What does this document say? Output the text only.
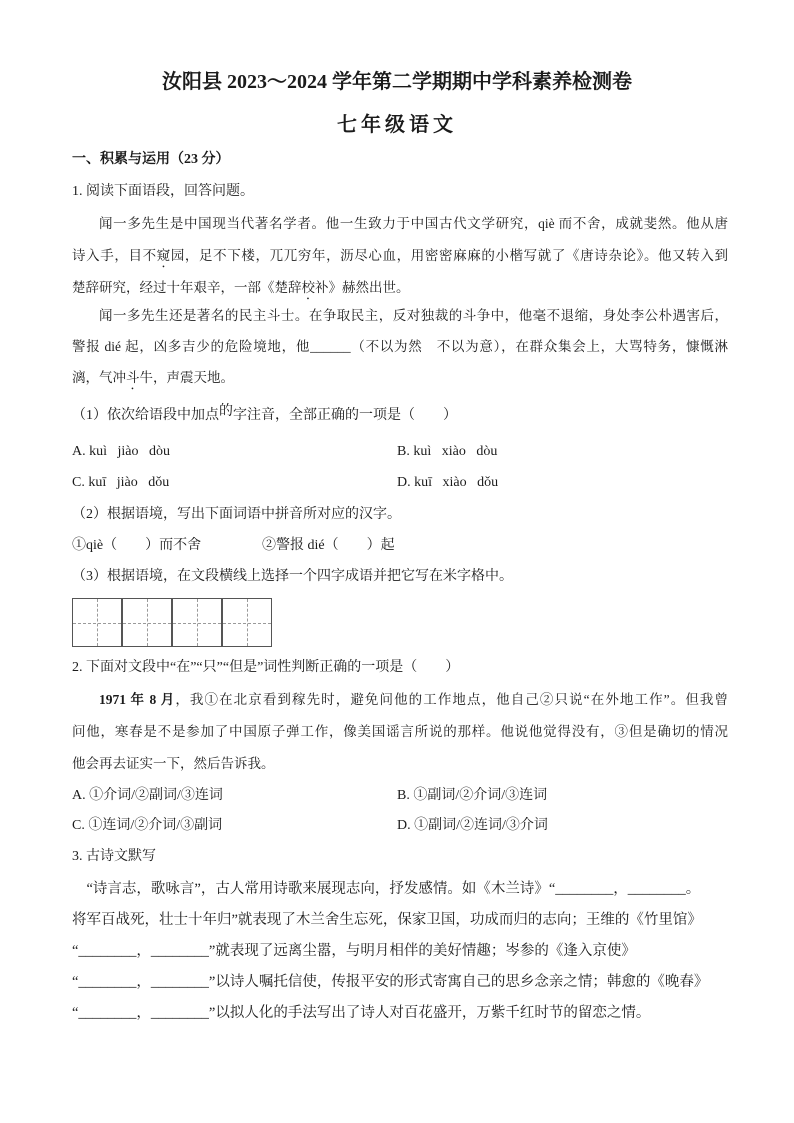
汝阳县 2023～2024 学年第二学期期中学科素养检测卷
七年级语文
一、积累与运用（23 分）
1. 阅读下面语段，回答问题。
闻一多先生是中国现当代著名学者。他一生致力于中国古代文学研究，qiè 而不舍，成就斐然。他从唐
诗入手，目不窥园，足不下楼，兀兀穷年，沥尽心血，用密密麻麻的小楷写就了《唐诗杂论》。他又转入到
楚辞研究，经过十年艰辛，一部《楚辞校补》赫然出世。
闻一多先生还是著名的民主斗士。在争取民主，反对独裁的斗争中，他毫不退缩，身处李公朴遇害后，
警报 dié 起，凶多吉少的危险境地，他______（不以为然　不以为意），在群众集会上，大骂特务，慷慨淋
漓，气冲斗牛，声震天地。
（1）依次给语段中加点的字注音，全部正确的一项是（　　）
A. kuì   jiào   dòu	B. kuì   xiào   dòu
C. kuī   jiào   dǒu	D. kuī   xiào   dǒu
（2）根据语境，写出下面词语中拼音所对应的汉字。
①qiè（　　）而不舍	②警报 dié（　　）起
（3）根据语境，在文段横线上选择一个四字成语并把它写在米字格中。
2. 下面对文段中“在”“只”“但是”词性判断正确的一项是（　　）
1971 年 8 月，我①在北京看到稼先时，避免问他的工作地点，他自己②只说“在外地工作”。但我曾
问他，寒春是不是参加了中国原子弹工作，像美国谣言所说的那样。他说他觉得没有，③但是确切的情况
他会再去证实一下，然后告诉我。
A. ①介词/②副词/③连词	B. ①副词/②介词/③连词
C. ①连词/②介词/③副词	D. ①副词/②连词/③介词
3. 古诗文默写
“诗言志，歌咏言”，古人常用诗歌来展现志向，抒发感情。如《木兰诗》“________，________。
将军百战死，壮士十年归”就表现了木兰舍生忘死，保家卫国，功成而归的志向；王维的《竹里馆》
“________，________”就表现了远离尘嚣，与明月相伴的美好情趣；岑参的《逢入京使》
“________，________”以诗人嘱托信使，传报平安的形式寄寓自己的思乡念亲之情；韩愈的《晚春》
“________，________”以拟人化的手法写出了诗人对百花盛开，万紫千红时节的留恋之情。
